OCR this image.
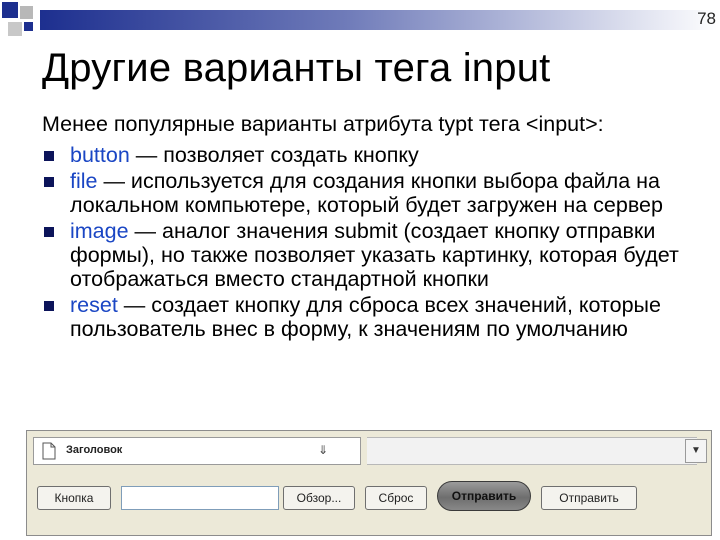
78
Другие варианты тега input

Менее популярные варианты атрибута typt тега <input>:

button — позволяет создать кнопку
file — используется для создания кнопки выбора файла на локальном компьютере, который будет загружен на сервер
image — аналог значения submit (создает кнопку отправки формы), но также позволяет указать картинку, которая будет отображаться вместо стандартной кнопки
reset — создает кнопку для сброса всех значений, которые пользователь внес в форму, к значениям по умолчанию
Заголовок	⇓	▼
Кнопка	Обзор...	Сброс	Отправить	Отправить
